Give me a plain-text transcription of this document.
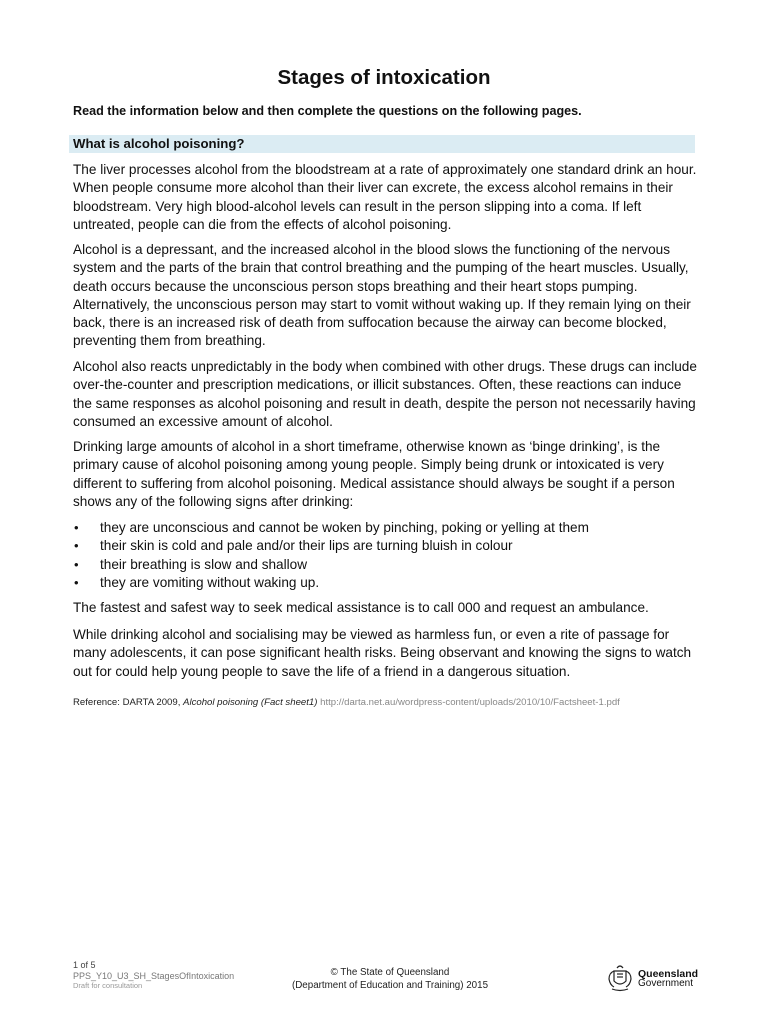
Stages of intoxication
Read the information below and then complete the questions on the following pages.
What is alcohol poisoning?

The liver processes alcohol from the bloodstream at a rate of approximately one standard drink an hour. When people consume more alcohol than their liver can excrete, the excess alcohol remains in their bloodstream. Very high blood-alcohol levels can result in the person slipping into a coma. If left untreated, people can die from the effects of alcohol poisoning.

Alcohol is a depressant, and the increased alcohol in the blood slows the functioning of the nervous system and the parts of the brain that control breathing and the pumping of the heart muscles. Usually, death occurs because the unconscious person stops breathing and their heart stops pumping. Alternatively, the unconscious person may start to vomit without waking up. If they remain lying on their back, there is an increased risk of death from suffocation because the airway can become blocked, preventing them from breathing.

Alcohol also reacts unpredictably in the body when combined with other drugs. These drugs can include over-the-counter and prescription medications, or illicit substances. Often, these reactions can induce the same responses as alcohol poisoning and result in death, despite the person not necessarily having consumed an excessive amount of alcohol.

Drinking large amounts of alcohol in a short timeframe, otherwise known as ‘binge drinking’, is the primary cause of alcohol poisoning among young people. Simply being drunk or intoxicated is very different to suffering from alcohol poisoning. Medical assistance should always be sought if a person shows any of the following signs after drinking:

• they are unconscious and cannot be woken by pinching, poking or yelling at them
• their skin is cold and pale and/or their lips are turning bluish in colour
• their breathing is slow and shallow
• they are vomiting without waking up.

The fastest and safest way to seek medical assistance is to call 000 and request an ambulance.

While drinking alcohol and socialising may be viewed as harmless fun, or even a rite of passage for many adolescents, it can pose significant health risks. Being observant and knowing the signs to watch out for could help young people to save the life of a friend in a dangerous situation.

Reference: DARTA 2009, Alcohol poisoning (Fact sheet1) http://darta.net.au/wordpress-content/uploads/2010/10/Factsheet-1.pdf
1 of 5
PPS_Y10_U3_SH_StagesOfIntoxication
Draft for consultation
© The State of Queensland
(Department of Education and Training) 2015
Queensland
Government
